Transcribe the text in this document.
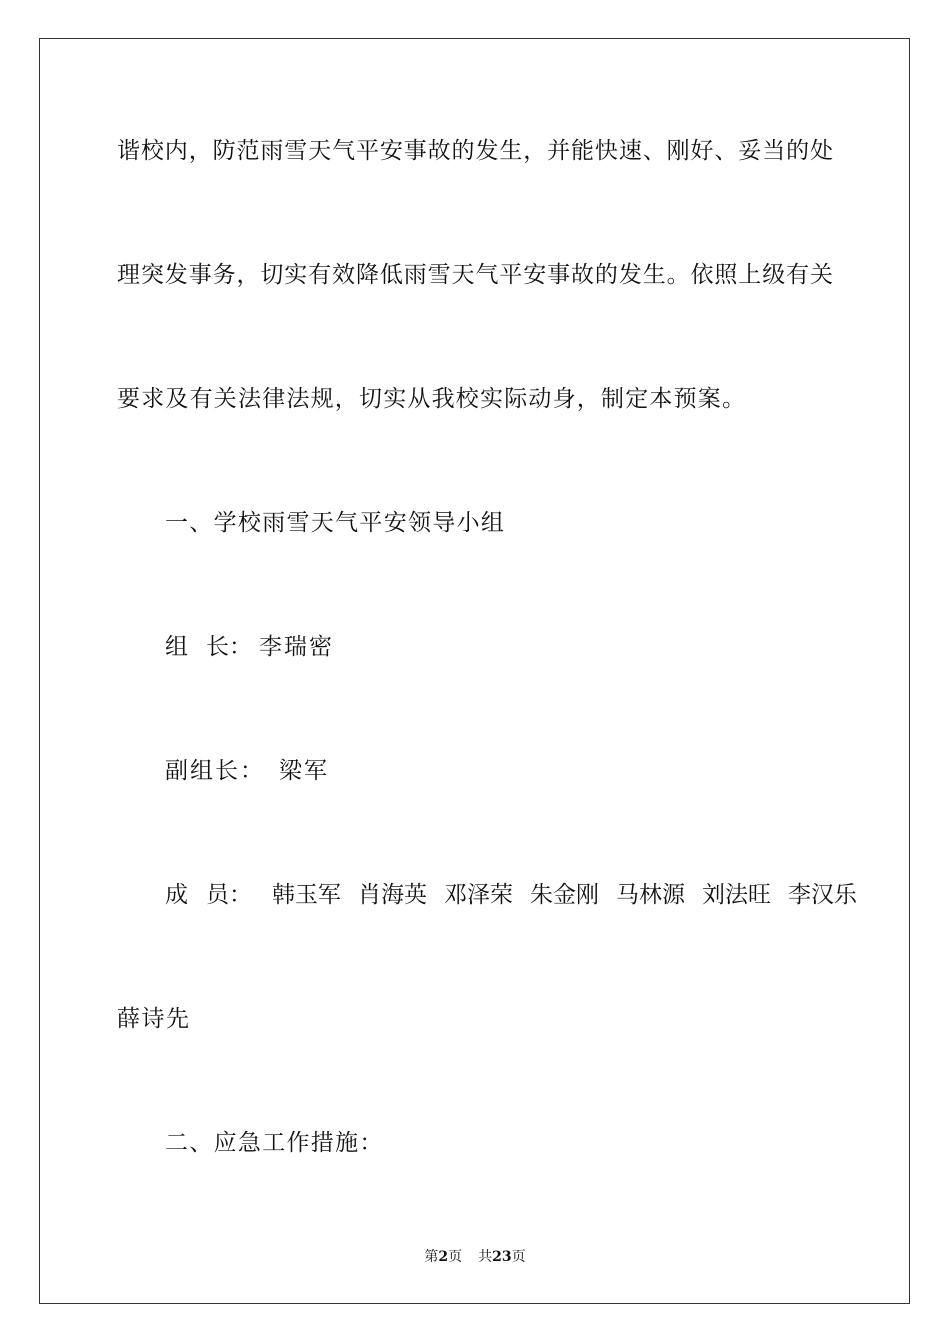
谐校内，防范雨雪天气平安事故的发生，并能快速、刚好、妥当的处
理突发事务，切实有效降低雨雪天气平安事故的发生。依照上级有关
要求及有关法律法规，切实从我校实际动身，制定本预案。
一、学校雨雪天气平安领导小组
组 长： 李瑞密
副组长： 梁军
成 员： 韩玉军 肖海英 邓泽荣 朱金刚 马林源 刘法旺 李汉乐
薛诗先
二、应急工作措施：
第2页 共23页
